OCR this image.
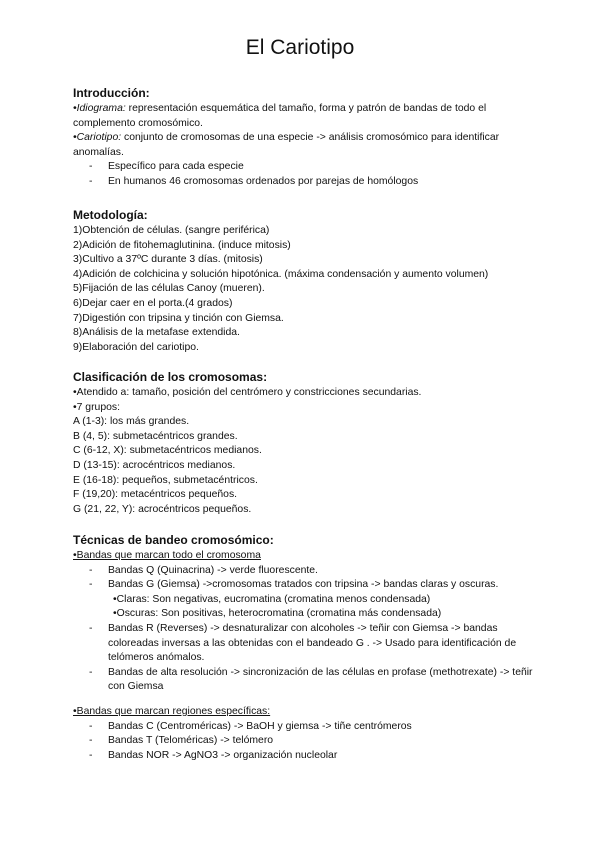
El Cariotipo
Introducción:

•Idiograma: representación esquemática del tamaño, forma y patrón de bandas de todo el complemento cromosómico.

•Cariotipo: conjunto de cromosomas de una especie -> análisis cromosómico para identificar anomalías.

- Específico para cada especie

- En humanos 46 cromosomas ordenados por parejas de homólogos

Metodología:

1)Obtención de células. (sangre periférica)

2)Adición de fitohemaglutinina. (induce mitosis)

3)Cultivo a 37ºC durante 3 días. (mitosis)

4)Adición de colchicina y solución hipotónica. (máxima condensación y aumento volumen)

5)Fijación de las células Canoy (mueren).

6)Dejar caer en el porta.(4 grados)

7)Digestión con tripsina y tinción con Giemsa.

8)Análisis de la metafase extendida.

9)Elaboración del cariotipo.

Clasificación de los cromosomas:

•Atendido a: tamaño, posición del centrómero y constricciones secundarias.

•7 grupos:

A (1-3): los más grandes.

B (4, 5): submetacéntricos grandes.

C (6-12, X): submetacéntricos medianos.

D (13-15): acrocéntricos medianos.

E (16-18): pequeños, submetacéntricos.

F (19,20): metacéntricos pequeños.

G (21, 22, Y): acrocéntricos pequeños.

Técnicas de bandeo cromosómico:

•Bandas que marcan todo el cromosoma

- Bandas Q (Quinacrina) -> verde fluorescente.

- Bandas G (Giemsa) ->cromosomas tratados con tripsina -> bandas claras y oscuras.

•Claras: Son negativas, eucromatina (cromatina menos condensada)

•Oscuras: Son positivas, heterocromatina (cromatina más condensada)

- Bandas R (Reverses) -> desnaturalizar con alcoholes -> teñir con Giemsa -> bandas coloreadas inversas a las obtenidas con el bandeado G . -> Usado para identificación de telómeros anómalos.

- Bandas de alta resolución -> sincronización de las células en profase (methotrexate) -> teñir con Giemsa

•Bandas que marcan regiones específicas:

- Bandas C (Centroméricas) -> BaOH y giemsa -> tiñe centrómeros

- Bandas T (Teloméricas) -> telómero

- Bandas NOR -> AgNO3 -> organización nucleolar
